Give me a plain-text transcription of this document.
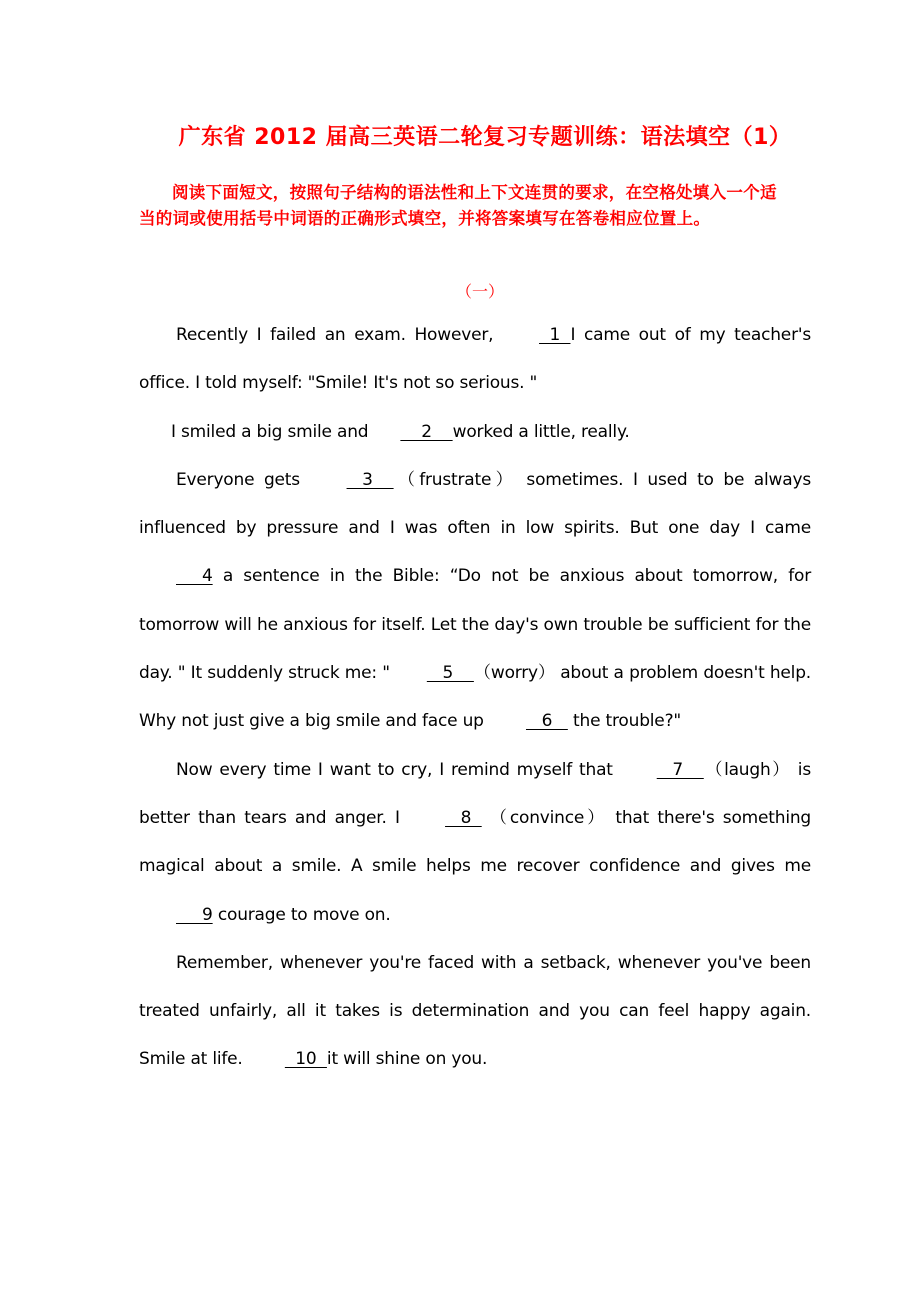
广东省 2012 届高三英语二轮复习专题训练：语法填空（1）
阅读下面短文，按照句子结构的语法性和上下文连贯的要求，在空格处填入一个适当的词或使用括号中词语的正确形式填空，并将答案填写在答卷相应位置上。
（一）

Recently I failed an exam. However,   1  I came out of my teacher's office. I told myself: "Smile! It's not so serious. "

I smiled a big smile and    2    worked a little, really.

Everyone gets    3    （frustrate） sometimes. I used to be always influenced by pressure and I was often in low spirits. But one day I came     4 a sentence in the Bible: “Do not be anxious about tomorrow, for tomorrow will he anxious for itself. Let the day's own trouble be sufficient for the day. " It suddenly struck me: "   5    （worry） about a problem doesn't help. Why not just give a big smile and face up    6    the trouble?"

Now every time I want to cry, I remind myself that    7    （laugh） is better than tears and anger. I    8   （convince） that there's something magical about a smile. A smile helps me recover confidence and gives me     9 courage to move on.

Remember, whenever you're faced with a setback, whenever you've been treated unfairly, all it takes is determination and you can feel happy again. Smile at life.   10  it will shine on you.
